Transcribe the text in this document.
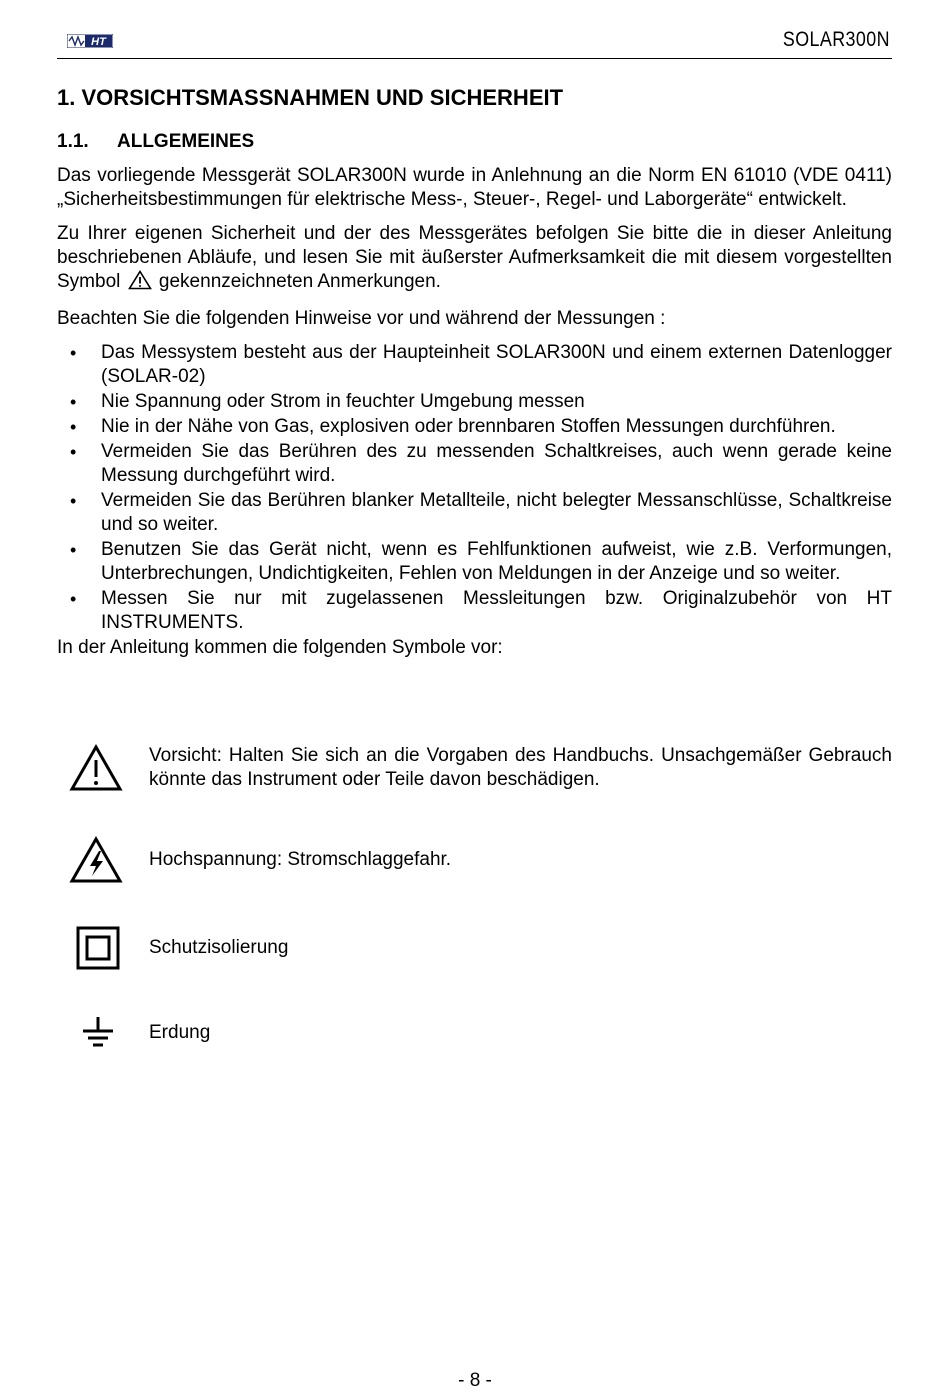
HT	SOLAR300N
1. VORSICHTSMASSNAHMEN UND SICHERHEIT
1.1. ALLGEMEINES

Das vorliegende Messgerät SOLAR300N wurde in Anlehnung an die Norm EN 61010 (VDE 0411) „Sicherheitsbestimmungen für elektrische Mess-, Steuer-, Regel- und Laborgeräte“ entwickelt.

Zu Ihrer eigenen Sicherheit und der des Messgerätes befolgen Sie bitte die in dieser Anleitung beschriebenen Abläufe, und lesen Sie mit äußerster Aufmerksamkeit die mit diesem vorgestellten Symbol gekennzeichneten Anmerkungen.

Beachten Sie die folgenden Hinweise vor und während der Messungen :

• Das Messystem besteht aus der Haupteinheit SOLAR300N und einem externen Datenlogger (SOLAR-02)
• Nie Spannung oder Strom in feuchter Umgebung messen
• Nie in der Nähe von Gas, explosiven oder brennbaren Stoffen Messungen durchführen.
• Vermeiden Sie das Berühren des zu messenden Schaltkreises, auch wenn gerade keine Messung durchgeführt wird.
• Vermeiden Sie das Berühren blanker Metallteile, nicht belegter Messanschlüsse, Schaltkreise und so weiter.
• Benutzen Sie das Gerät nicht, wenn es Fehlfunktionen aufweist, wie z.B. Verformungen, Unterbrechungen, Undichtigkeiten, Fehlen von Meldungen in der Anzeige und so weiter.
• Messen Sie nur mit zugelassenen Messleitungen bzw. Originalzubehör von HT INSTRUMENTS.

In der Anleitung kommen die folgenden Symbole vor:

Vorsicht: Halten Sie sich an die Vorgaben des Handbuchs. Unsachgemäßer Gebrauch könnte das Instrument oder Teile davon beschädigen.
Hochspannung: Stromschlaggefahr.
Schutzisolierung
Erdung
- 8 -
